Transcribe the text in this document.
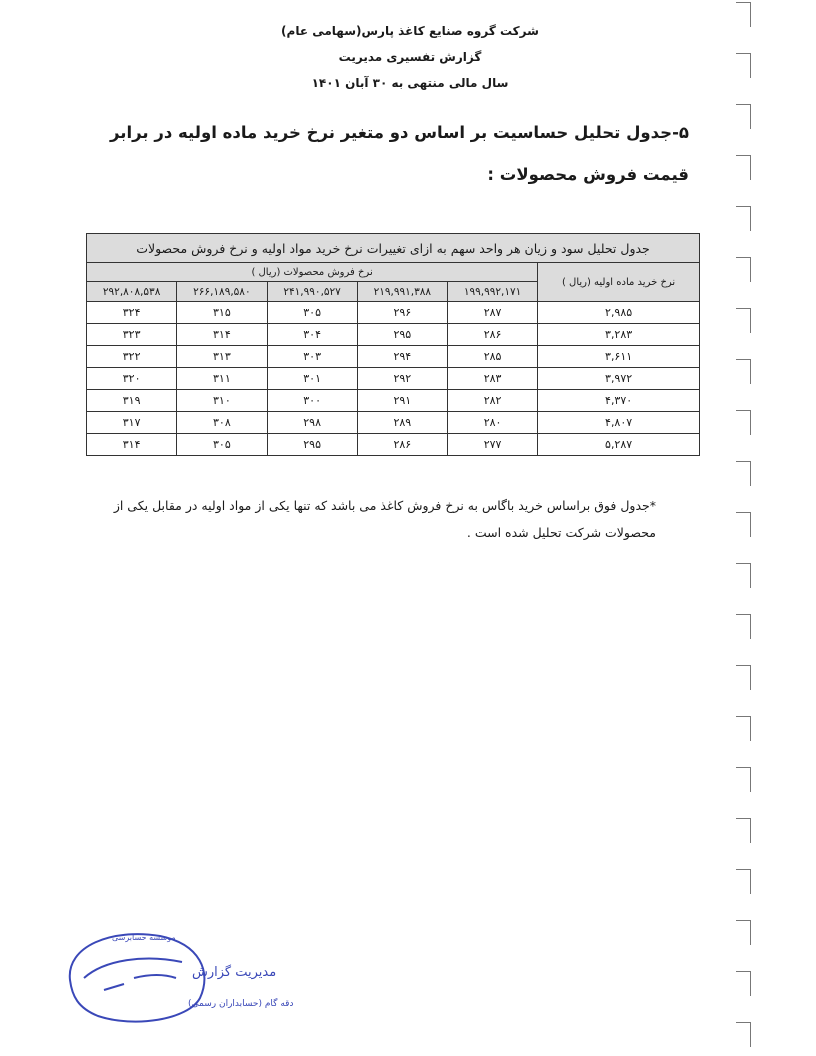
شرکت گروه صنایع کاغذ پارس(سهامی عام)
گزارش تفسیری مدیریت
سال مالی منتهی به ۳۰ آبان ۱۴۰۱
۵-جدول تحلیل حساسیت بر اساس دو متغیر نرخ خرید ماده اولیه در برابر قیمت فروش محصولات :
جدول تحلیل سود و زیان هر واحد سهم به ازای تغییرات نرخ خرید مواد اولیه و نرخ فروش محصولات					
نرخ خرید ماده اولیه (ریال )	نرخ فروش محصولات (ریال )				
	۱۹۹,۹۹۲,۱۷۱	۲۱۹,۹۹۱,۳۸۸	۲۴۱,۹۹۰,۵۲۷	۲۶۶,۱۸۹,۵۸۰	۲۹۲,۸۰۸,۵۳۸
۲,۹۸۵	۲۸۷	۲۹۶	۳۰۵	۳۱۵	۳۲۴
۳,۲۸۳	۲۸۶	۲۹۵	۳۰۴	۳۱۴	۳۲۳
۳,۶۱۱	۲۸۵	۲۹۴	۳۰۳	۳۱۳	۳۲۲
۳,۹۷۲	۲۸۳	۲۹۲	۳۰۱	۳۱۱	۳۲۰
۴,۳۷۰	۲۸۲	۲۹۱	۳۰۰	۳۱۰	۳۱۹
۴,۸۰۷	۲۸۰	۲۸۹	۲۹۸	۳۰۸	۳۱۷
۵,۲۸۷	۲۷۷	۲۸۶	۲۹۵	۳۰۵	۳۱۴
*جدول فوق براساس خرید باگاس به نرخ فروش کاغذ می باشد که تنها یکی از مواد اولیه در مقابل یکی از محصولات شرکت تحلیل شده است .
موسسه حسابرسی
مدیریت گزارش
دقه گام (حسابداران رسمی)
